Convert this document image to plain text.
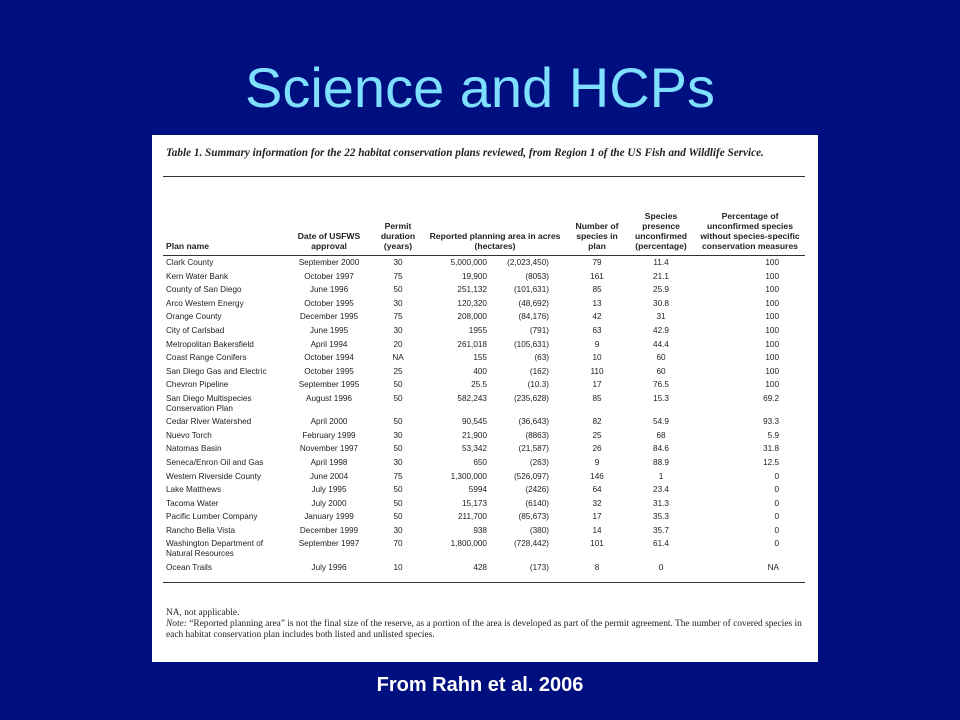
Science and HCPs
Table 1. Summary information for the 22 habitat conservation plans reviewed, from Region 1 of the US Fish and Wildlife Service.
Plan name	Date of USFWS approval	Permit duration (years)	Reported planning area in acres (hectares)		Number of species in plan	Species presence unconfirmed (percentage)	Percentage of unconfirmed species without species-specific conservation measures
Clark County	September 2000	30	5,000,000	(2,023,450)	79	11.4	100
Kern Water Bank	October 1997	75	19,900	(8053)	161	21.1	100
County of San Diego	June 1996	50	251,132	(101,631)	85	25.9	100
Arco Western Energy	October 1995	30	120,320	(48,692)	13	30.8	100
Orange County	December 1995	75	208,000	(84,176)	42	31	100
City of Carlsbad	June 1995	30	1955	(791)	63	42.9	100
Metropolitan Bakersfield	April 1994	20	261,018	(105,631)	9	44.4	100
Coast Range Conifers	October 1994	NA	155	(63)	10	60	100
San Diego Gas and Electric	October 1995	25	400	(162)	110	60	100
Chevron Pipeline	September 1995	50	25.5	(10.3)	17	76.5	100
San Diego Multispecies Conservation Plan	August 1996	50	582,243	(235,628)	85	15.3	69.2
Cedar River Watershed	April 2000	50	90,545	(36,643)	82	54.9	93.3
Nuevo Torch	February 1999	30	21,900	(8863)	25	68	5.9
Natomas Basin	November 1997	50	53,342	(21,587)	26	84.6	31.8
Seneca/Enron Oil and Gas	April 1998	30	650	(263)	9	88.9	12.5
Western Riverside County	June 2004	75	1,300,000	(526,097)	146	1	0
Lake Matthews	July 1995	50	5994	(2426)	64	23.4	0
Tacoma Water	July 2000	50	15,173	(6140)	32	31.3	0
Pacific Lumber Company	January 1999	50	211,700	(85,673)	17	35.3	0
Rancho Bella Vista	December 1999	30	938	(380)	14	35.7	0
Washington Department of Natural Resources	September 1997	70	1,800,000	(728,442)	101	61.4	0
Ocean Trails	July 1996	10	428	(173)	8	0	NA
NA, not applicable.
Note: “Reported planning area” is not the final size of the reserve, as a portion of the area is developed as part of the permit agreement. The number of covered species in each habitat conservation plan includes both listed and unlisted species.
From Rahn et al. 2006
